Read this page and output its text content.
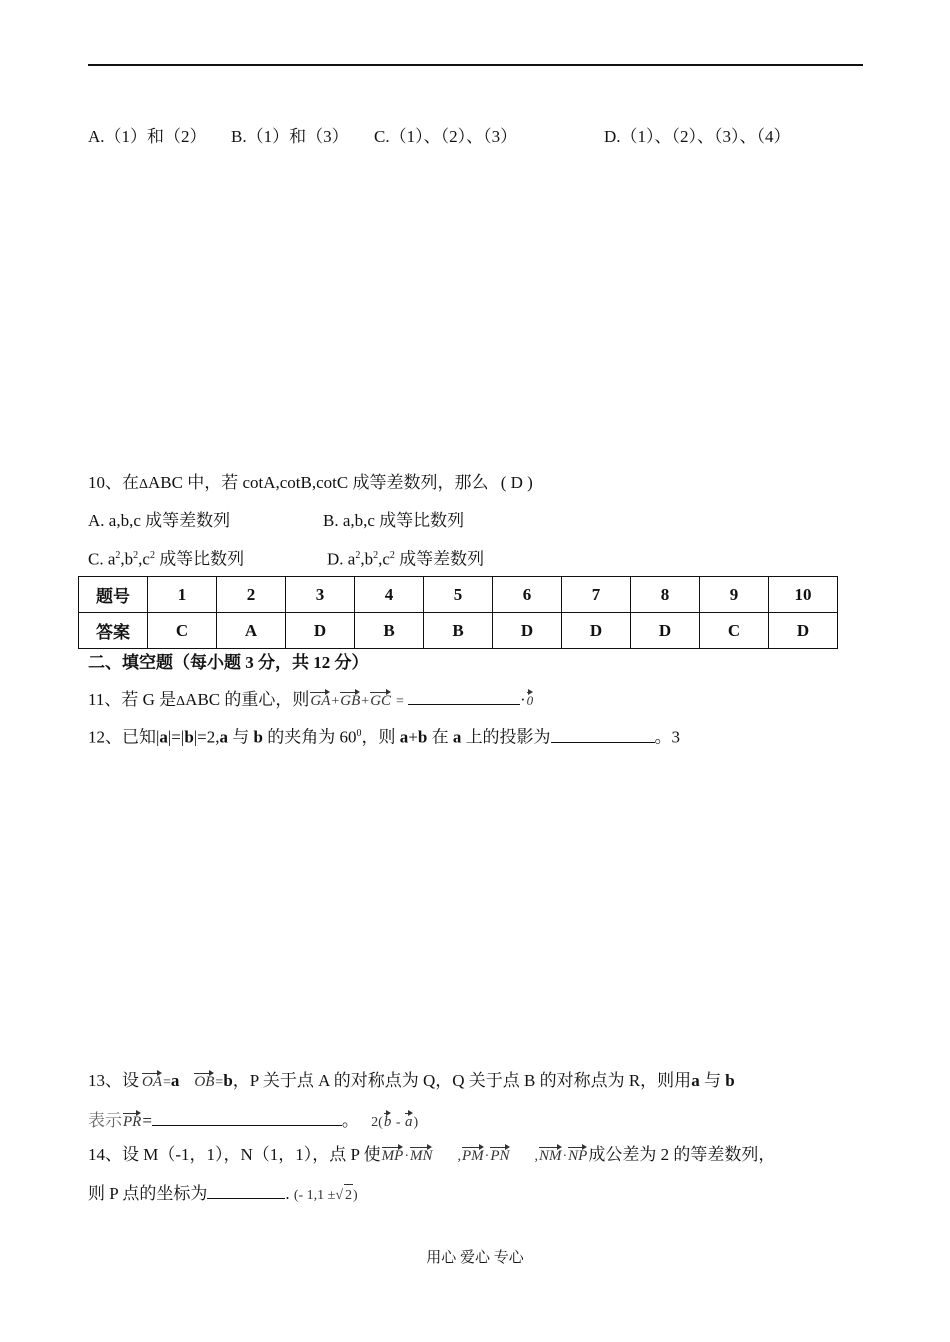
A.（1）和（2） B.（1）和（3） C.（1）、（2）、（3）	D.（1）、（2）、（3）、（4）
10、在ΔABC 中，若 cotA,cotB,cotC 成等差数列，那么 ( D )
A. a,b,c 成等差数列	B. a,b,c 成等比数列
C. $a^2,b^2,c^2$ 成等比数列	D. $a^2,b^2,c^2$ 成等差数列
题号	1	2	3	4	5	6	7	8	9	10
答案	C	A	D	B	B	D	D	D	C	D
二、填空题（每小题 3 分，共 12 分）
11、若 G 是ΔABC 的重心，则GA+GB+GC =	·0
12、已知|a|=|b|=2,a 与 b 的夹角为 $60^0$，则 a+b 在 a 上的投影为	。3
13、设 OA=a OB=b，P 关于点 A 的对称点为 Q，Q 关于点 B 的对称点为 R，则用a 与 b
表示PR=	。 2(b - a)
14、设 M（-1，1），N（1，1），点 P 使MP·MN ,PM·PN ,NM·NP成公差为 2 的等差数列，
则 P 点的坐标为	. (- 1,1 ±√ 2)
用心 爱心 专心
